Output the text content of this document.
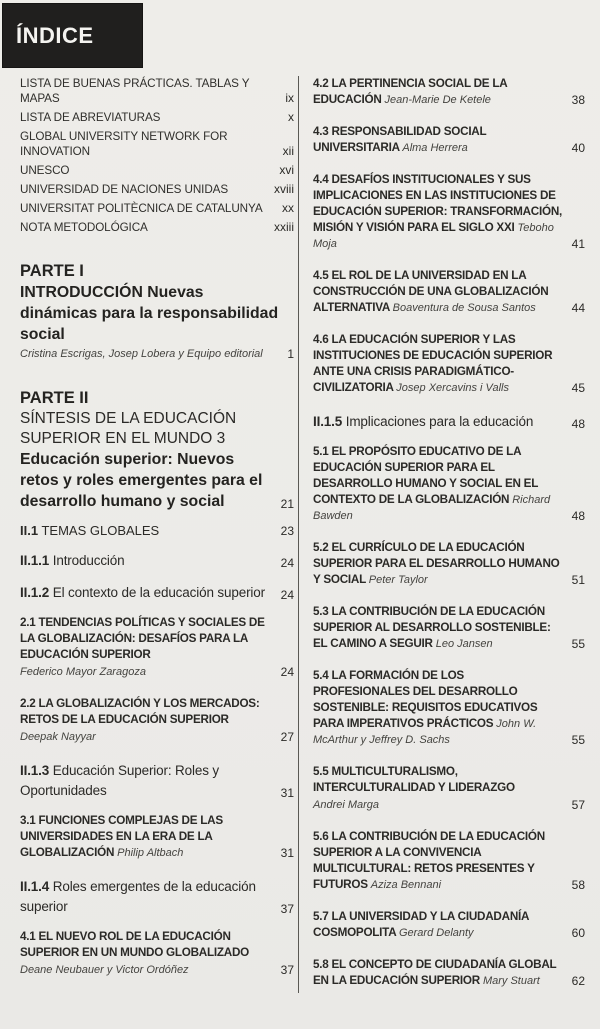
ÍNDICE
LISTA DE BUENAS PRÁCTICAS. TABLAS Y MAPAS	ix
LISTA DE ABREVIATURAS	x
GLOBAL UNIVERSITY NETWORK FOR INNOVATION	xii
UNESCO	xvi
UNIVERSIDAD DE NACIONES UNIDAS	xviii
UNIVERSITAT POLITÈCNICA DE CATALUNYA	xx
NOTA METODOLÓGICA	xxiii
PARTE I
INTRODUCCIÓN Nuevas dinámicas para la responsabilidad social
Cristina Escrigas, Josep Lobera y Equipo editorial	1
PARTE II
SÍNTESIS DE LA EDUCACIÓN SUPERIOR EN EL MUNDO 3
Educación superior: Nuevos retos y roles emergentes para el desarrollo humano y social	21
II.1 TEMAS GLOBALES	23
II.1.1 Introducción	24
II.1.2 El contexto de la educación superior	24
2.1 TENDENCIAS POLÍTICAS Y SOCIALES DE LA GLOBALIZACIÓN: DESAFÍOS PARA LA EDUCACIÓN SUPERIOR
Federico Mayor Zaragoza	24
2.2 LA GLOBALIZACIÓN Y LOS MERCADOS: RETOS DE LA EDUCACIÓN SUPERIOR
Deepak Nayyar	27
II.1.3 Educación Superior: Roles y Oportunidades	31
3.1 FUNCIONES COMPLEJAS DE LAS UNIVERSIDADES EN LA ERA DE LA GLOBALIZACIÓN Philip Altbach	31
II.1.4 Roles emergentes de la educación superior	37
4.1 EL NUEVO ROL DE LA EDUCACIÓN SUPERIOR EN UN MUNDO GLOBALIZADO
Deane Neubauer y Victor Ordóñez	37
4.2 LA PERTINENCIA SOCIAL DE LA EDUCACIÓN Jean-Marie De Ketele	38
4.3 RESPONSABILIDAD SOCIAL UNIVERSITARIA Alma Herrera	40
4.4 DESAFÍOS INSTITUCIONALES Y SUS IMPLICACIONES EN LAS INSTITUCIONES DE EDUCACIÓN SUPERIOR: TRANSFORMACIÓN, MISIÓN Y VISIÓN PARA EL SIGLO XXI Teboho Moja	41
4.5 EL ROL DE LA UNIVERSIDAD EN LA CONSTRUCCIÓN DE UNA GLOBALIZACIÓN ALTERNATIVA Boaventura de Sousa Santos	44
4.6 LA EDUCACIÓN SUPERIOR Y LAS INSTITUCIONES DE EDUCACIÓN SUPERIOR ANTE UNA CRISIS PARADIGMÁTICO-CIVILIZATORIA Josep Xercavins i Valls	45
II.1.5 Implicaciones para la educación	48
5.1 EL PROPÓSITO EDUCATIVO DE LA EDUCACIÓN SUPERIOR PARA EL DESARROLLO HUMANO Y SOCIAL EN EL CONTEXTO DE LA GLOBALIZACIÓN Richard Bawden	48
5.2 EL CURRÍCULO DE LA EDUCACIÓN SUPERIOR PARA EL DESARROLLO HUMANO Y SOCIAL Peter Taylor	51
5.3 LA CONTRIBUCIÓN DE LA EDUCACIÓN SUPERIOR AL DESARROLLO SOSTENIBLE: EL CAMINO A SEGUIR Leo Jansen	55
5.4 LA FORMACIÓN DE LOS PROFESIONALES DEL DESARROLLO SOSTENIBLE: REQUISITOS EDUCATIVOS PARA IMPERATIVOS PRÁCTICOS John W. McArthur y Jeffrey D. Sachs	55
5.5 MULTICULTURALISMO, INTERCULTURALIDAD Y LIDERAZGO
Andrei Marga	57
5.6 LA CONTRIBUCIÓN DE LA EDUCACIÓN SUPERIOR A LA CONVIVENCIA MULTICULTURAL: RETOS PRESENTES Y FUTUROS Aziza Bennani	58
5.7 LA UNIVERSIDAD Y LA CIUDADANÍA COSMOPOLITA Gerard Delanty	60
5.8 EL CONCEPTO DE CIUDADANÍA GLOBAL EN LA EDUCACIÓN SUPERIOR Mary Stuart	62
